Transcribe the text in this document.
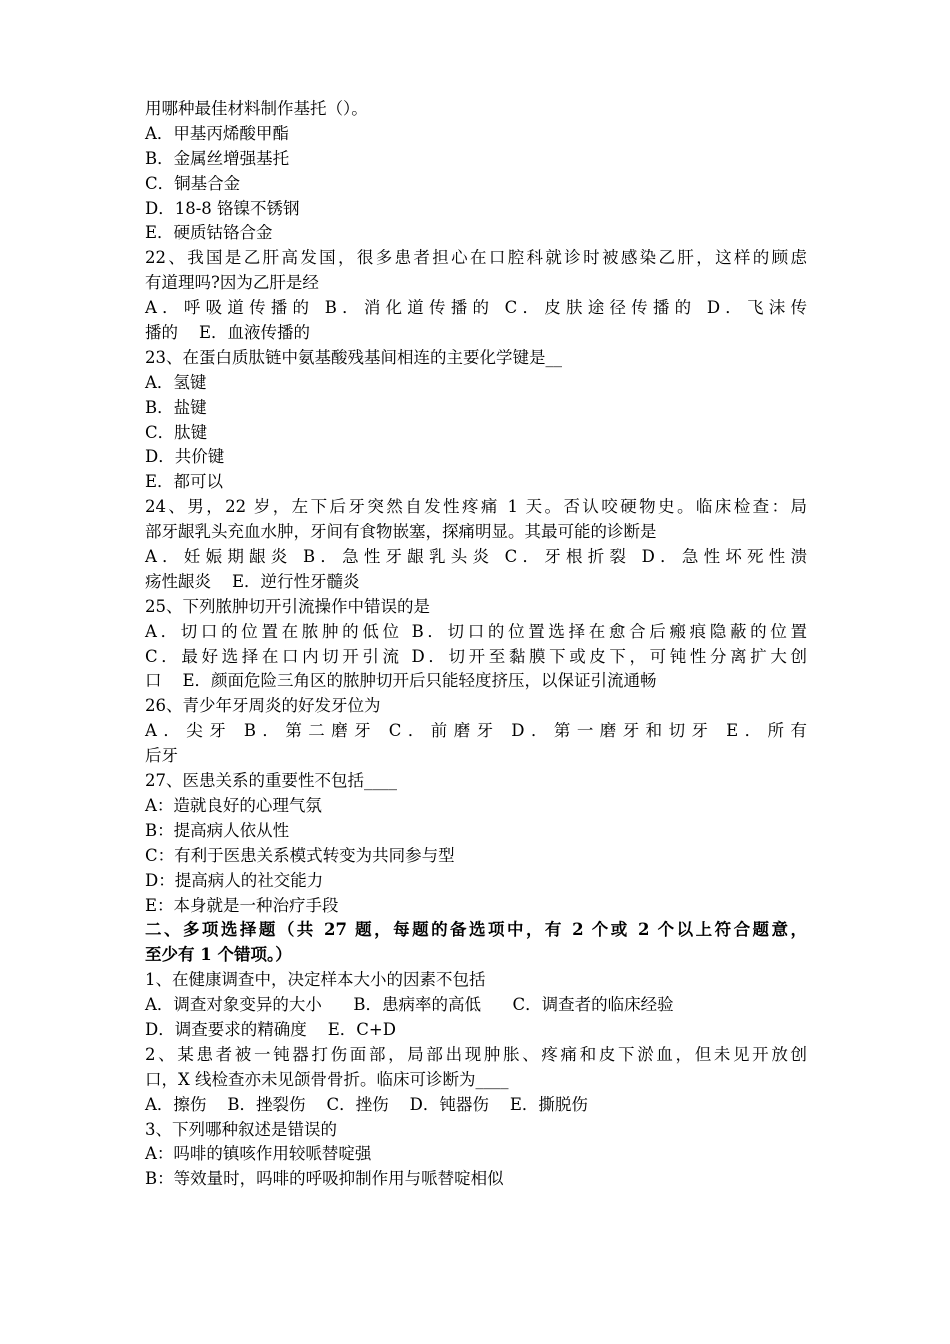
用哪种最佳材料制作基托（）。
A．甲基丙烯酸甲酯
B．金属丝增强基托
C．铜基合金
D．18-8 铬镍不锈钢
E．硬质钴铬合金
22、我国是乙肝高发国，很多患者担心在口腔科就诊时被感染乙肝，这样的顾虑
有道理吗?因为乙肝是经
A．呼吸道传播的 B．消化道传播的 C．皮肤途径传播的 D．飞沫传
播的    E．血液传播的
23、在蛋白质肽链中氨基酸残基间相连的主要化学键是__
A．氢键
B．盐键
C．肽键
D．共价键
E．都可以
24、男，22 岁，左下后牙突然自发性疼痛 1 天。否认咬硬物史。临床检查：局
部牙龈乳头充血水肿，牙间有食物嵌塞，探痛明显。其最可能的诊断是
A．妊娠期龈炎 B．急性牙龈乳头炎 C．牙根折裂 D．急性坏死性溃
疡性龈炎    E．逆行性牙髓炎
25、下列脓肿切开引流操作中错误的是
A．切口的位置在脓肿的低位 B．切口的位置选择在愈合后瘢痕隐蔽的位置
C．最好选择在口内切开引流 D．切开至黏膜下或皮下，可钝性分离扩大创
口    E．颜面危险三角区的脓肿切开后只能轻度挤压，以保证引流通畅
26、青少年牙周炎的好发牙位为
A．尖牙 B．第二磨牙 C．前磨牙 D．第一磨牙和切牙 E．所有
后牙
27、医患关系的重要性不包括____
A：造就良好的心理气氛
B：提高病人依从性
C：有利于医患关系模式转变为共同参与型
D：提高病人的社交能力
E：本身就是一种治疗手段
二、多项选择题（共 27 题，每题的备选项中，有 2 个或 2 个以上符合题意，
至少有 1 个错项。）
1、在健康调查中，决定样本大小的因素不包括
A．调查对象变异的大小      B．患病率的高低      C．调查者的临床经验
D．调查要求的精确度    E．C+D
2、某患者被一钝器打伤面部，局部出现肿胀、疼痛和皮下淤血，但未见开放创
口，X 线检查亦未见颌骨骨折。临床可诊断为____
A．擦伤    B．挫裂伤    C．挫伤    D．钝器伤    E．撕脱伤
3、下列哪种叙述是错误的
A：吗啡的镇咳作用较哌替啶强
B：等效量时，吗啡的呼吸抑制作用与哌替啶相似
